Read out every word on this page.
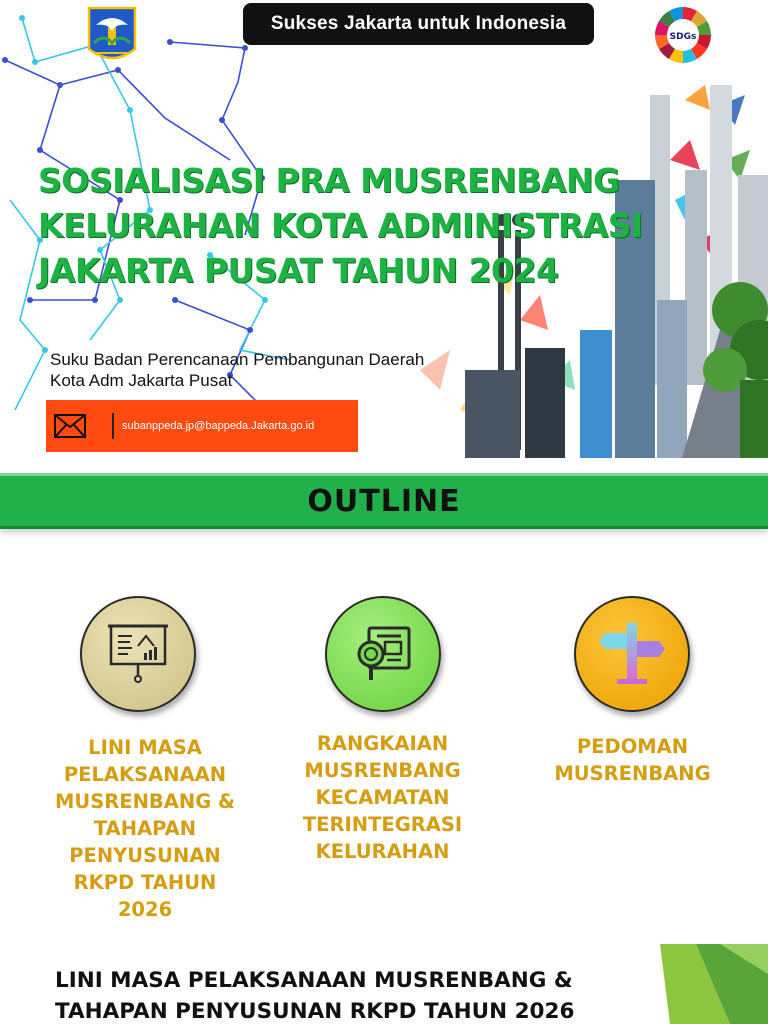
Sukses Jakarta untuk Indonesia
SDGs
SOSIALISASI PRA MUSRENBANG
KELURAHAN KOTA ADMINISTRASI
JAKARTA PUSAT TAHUN 2024
Suku Badan Perencanaan Pembangunan Daerah
Kota Adm Jakarta Pusat
subanppeda.jp@bappeda.Jakarta.go.id
OUTLINE
LINI MASA
PELAKSANAAN
MUSRENBANG &
TAHAPAN
PENYUSUNAN
RKPD TAHUN
2026
RANGKAIAN
MUSRENBANG
KECAMATAN
TERINTEGRASI
KELURAHAN
PEDOMAN
MUSRENBANG
LINI MASA PELAKSANAAN MUSRENBANG &
TAHAPAN PENYUSUNAN RKPD TAHUN 2026
